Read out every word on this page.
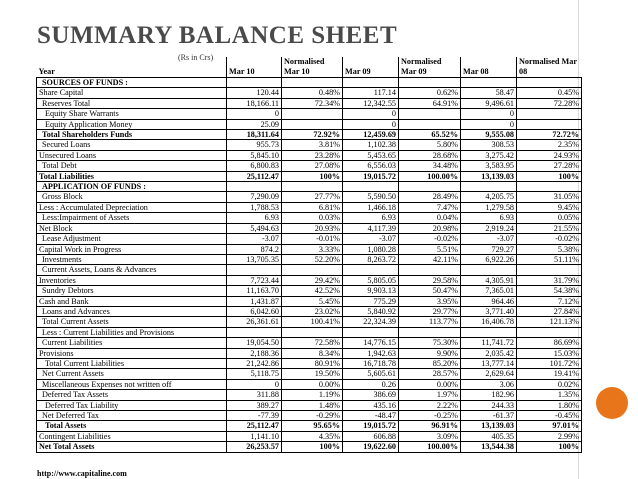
SUMMARY BALANCE SHEET
(Rs in Crs)
Year	Mar 10	Normalised Mar 10	Mar 09	Normalised Mar 09	Mar 08	Normalised Mar 08
SOURCES OF FUNDS :						
Share Capital	120.44	0.48%	117.14	0.62%	58.47	0.45%
Reserves Total	18,166.11	72.34%	12,342.55	64.91%	9,496.61	72.28%
Equity Share Warrants	0		0		0	
Equity Application Money	25.09		0		0	
Total Shareholders Funds	18,311.64	72.92%	12,459.69	65.52%	9,555.08	72.72%
Secured Loans	955.73	3.81%	1,102.38	5.80%	308.53	2.35%
Unsecured Loans	5,845.10	23.28%	5,453.65	28.68%	3,275.42	24.93%
Total Debt	6,800.83	27.08%	6,556.03	34.48%	3,583.95	27.28%
Total Liabilities	25,112.47	100%	19,015.72	100.00%	13,139.03	100%
APPLICATION OF FUNDS :						
Gross Block	7,290.09	27.77%	5,590.50	28.49%	4,205.75	31.05%
Less : Accumulated Depreciation	1,788.53	6.81%	1,466.18	7.47%	1,279.58	9.45%
Less:Impairment of Assets	6.93	0.03%	6.93	0.04%	6.93	0.05%
Net Block	5,494.63	20.93%	4,117.39	20.98%	2,919.24	21.55%
Lease Adjustment	-3.07	-0.01%	-3.07	-0.02%	-3.07	-0.02%
Capital Work in Progress	874.2	3.33%	1,080.28	5.51%	729.27	5.38%
Investments	13,705.35	52.20%	8,263.72	42.11%	6,922.26	51.11%
Current Assets, Loans & Advances						
Inventories	7,723.44	29.42%	5,805.05	29.58%	4,305.91	31.79%
Sundry Debtors	11,163.70	42.52%	9,903.13	50.47%	7,365.01	54.38%
Cash and Bank	1,431.87	5.45%	775.29	3.95%	964.46	7.12%
Loans and Advances	6,042.60	23.02%	5,840.92	29.77%	3,771.40	27.84%
Total Current Assets	26,361.61	100.41%	22,324.39	113.77%	16,406.78	121.13%
Less : Current Liabilities and Provisions						
Current Liabilities	19,054.50	72.58%	14,776.15	75.30%	11,741.72	86.69%
Provisions	2,188.36	8.34%	1,942.63	9.90%	2,035.42	15.03%
Total Current Liabilities	21,242.86	80.91%	16,718.78	85.20%	13,777.14	101.72%
Net Current Assets	5,118.75	19.50%	5,605.61	28.57%	2,629.64	19.41%
Miscellaneous Expenses not written off	0	0.00%	0.26	0.00%	3.06	0.02%
Deferred Tax Assets	311.88	1.19%	386.69	1.97%	182.96	1.35%
Deferred Tax Liability	389.27	1.48%	435.16	2.22%	244.33	1.80%
Net Deferred Tax	-77.39	-0.29%	-48.47	-0.25%	-61.37	-0.45%
Total Assets	25,112.47	95.65%	19,015.72	96.91%	13,139.03	97.01%
Contingent Liabilities	1,141.10	4.35%	606.88	3.09%	405.35	2.99%
Net Total Assets	26,253.57	100%	19,622.60	100.00%	13,544.38	100%
http://www.capitaline.com
